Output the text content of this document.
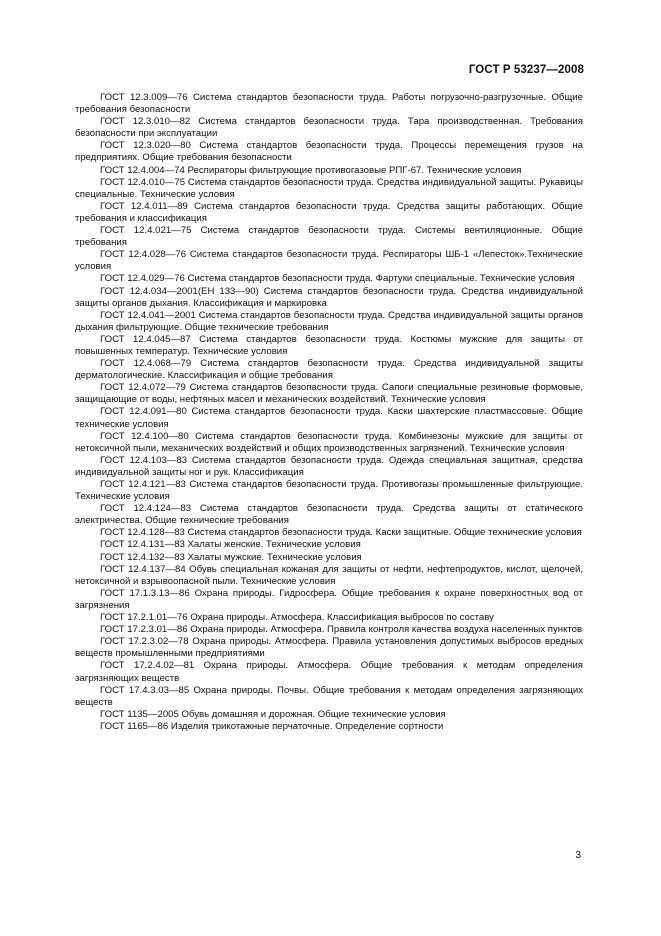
ГОСТ Р 53237—2008

ГОСТ 12.3.009—76 Система стандартов безопасности труда. Работы погрузочно-разгрузочные. Общие требования безопасности

ГОСТ 12.3.010—82 Система стандартов безопасности труда. Тара производственная. Требования безопасности при эксплуатации

ГОСТ 12.3.020—80 Система стандартов безопасности труда. Процессы перемещения грузов на предприятиях. Общие требования безопасности

ГОСТ 12.4.004—74 Респираторы фильтрующие противогазовые РПГ-67. Технические условия

ГОСТ 12.4.010—75 Система стандартов безопасности труда. Средства индивидуальной защиты. Рукавицы специальные. Технические условия

ГОСТ 12.4.011—89 Система стандартов безопасности труда. Средства защиты работающих. Общие требования и классификация

ГОСТ 12.4.021—75 Система стандартов безопасности труда. Системы вентиляционные. Общие требования

ГОСТ 12.4.028—76 Система стандартов безопасности труда. Респираторы ШБ-1 «Лепесток».Технические условия

ГОСТ 12.4.029—76 Система стандартов безопасности труда. Фартуки специальные. Технические условия

ГОСТ 12.4.034—2001(ЕН 133—90) Система стандартов безопасности труда. Средства индивидуальной защиты органов дыхания. Классификация и маркировка

ГОСТ 12.4.041—2001 Система стандартов безопасности труда. Средства индивидуальной защиты органов дыхания фильтрующие. Общие технические требования

ГОСТ 12.4.045—87 Система стандартов безопасности труда. Костюмы мужские для защиты от повышенных температур. Технические условия

ГОСТ 12.4.068—79 Система стандартов безопасности труда. Средства индивидуальной защиты дерматологические. Классификация и общие требования

ГОСТ 12.4.072—79 Система стандартов безопасности труда. Сапоги специальные резиновые формовые, защищающие от воды, нефтяных масел и механических воздействий. Технические условия

ГОСТ 12.4.091—80 Система стандартов безопасности труда. Каски шахтерские пластмассовые. Общие технические условия

ГОСТ 12.4.100—80 Система стандартов безопасности труда. Комбинезоны мужские для защиты от нетоксичной пыли, механических воздействий и общих производственных загрязнений. Технические условия

ГОСТ 12.4.103—83 Система стандартов безопасности труда. Одежда специальная защитная, средства индивидуальной защиты ног и рук. Классификация

ГОСТ 12.4.121—83 Система стандартов безопасности труда. Противогазы промышленные фильтрующие. Технические условия

ГОСТ 12.4.124—83 Система стандартов безопасности труда. Средства защиты от статического электричества. Общие технические требования

ГОСТ 12.4.128—83 Система стандартов безопасности труда. Каски защитные. Общие технические условия

ГОСТ 12.4.131—83 Халаты женские. Технические условия

ГОСТ 12.4.132—83 Халаты мужские. Технические условия

ГОСТ 12.4.137—84 Обувь специальная кожаная для защиты от нефти, нефтепродуктов, кислот, щелочей, нетоксичной и взрывоопасной пыли. Технические условия

ГОСТ 17.1.3.13—86 Охрана природы. Гидросфера. Общие требования к охране поверхностных вод от загрязнения

ГОСТ 17.2.1.01—76 Охрана природы. Атмосфера. Классификация выбросов по составу

ГОСТ 17.2.3.01—86 Охрана природы. Атмосфера. Правила контроля качества воздуха населенных пунктов

ГОСТ 17.2.3.02—78 Охрана природы. Атмосфера. Правила установления допустимых выбросов вредных веществ промышленными предприятиями

ГОСТ 17.2.4.02—81 Охрана природы. Атмосфера. Общие требования к методам определения загрязняющих веществ

ГОСТ 17.4.3.03—85 Охрана природы. Почвы. Общие требования к методам определения загрязняющих веществ

ГОСТ 1135—2005 Обувь домашняя и дорожная. Общие технические условия

ГОСТ 1165—86 Изделия трикотажные перчаточные. Определение сортности

3
